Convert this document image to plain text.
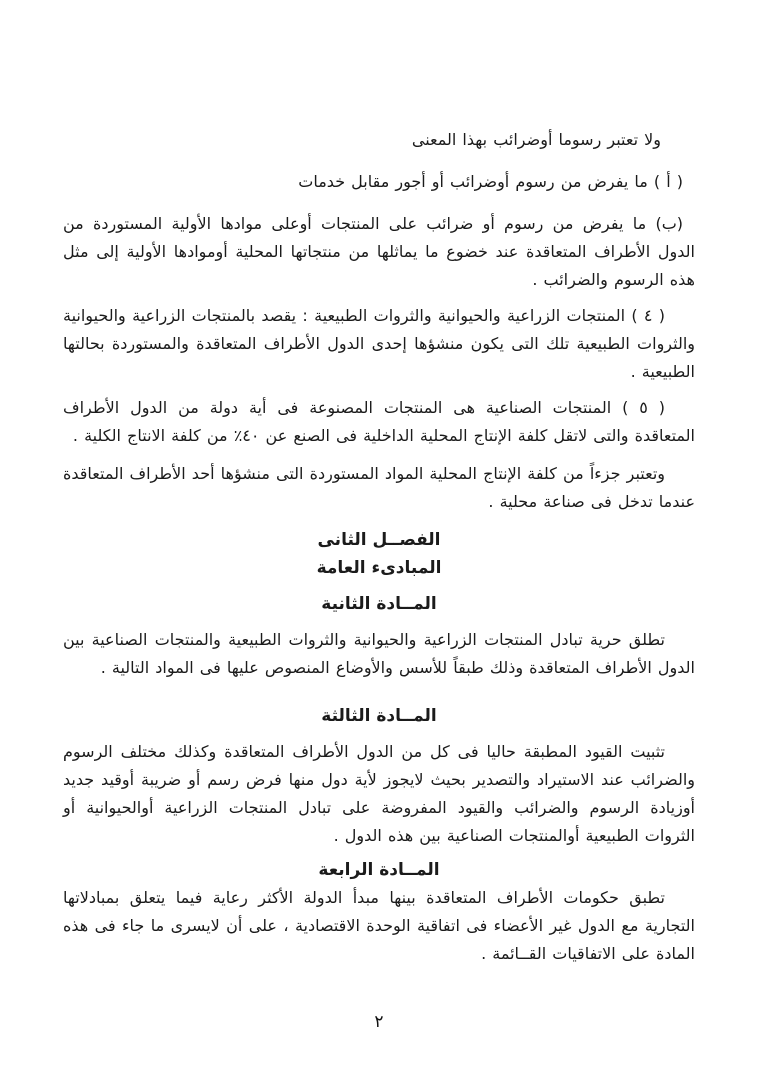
ولا تعتبر رسوما أوضرائب بهذا المعنى

( أ ) ما يفرض من رسوم أوضرائب أو أجور مقابل خدمات

(ب) ما يفرض من رسوم أو ضرائب على المنتجات أوعلى موادها الأولية المستوردة من الدول الأطراف المتعاقدة عند خضوع ما يماثلها من منتجاتها المحلية أوموادها الأولية إلى مثل هذه الرسوم والضرائب .

( ٤ ) المنتجات الزراعية والحيوانية والثروات الطبيعية : يقصد بالمنتجات الزراعية والحيوانية والثروات الطبيعية تلك التى يكون منشؤها إحدى الدول الأطراف المتعاقدة والمستوردة بحالتها الطبيعية .

( ٥ ) المنتجات الصناعية هى المنتجات المصنوعة فى أية دولة من الدول الأطراف المتعاقدة والتى لاتقل كلفة الإنتاج المحلية الداخلية فى الصنع عن ٤٠٪ من كلفة الانتاج الكلية .

وتعتبر جزءاً من كلفة الإنتاج المحلية المواد المستوردة التى منشؤها أحد الأطراف المتعاقدة عندما تدخل فى صناعة محلية .

الفصــل الثانى
المبادىء العامة
المــادة الثانية

تطلق حرية تبادل المنتجات الزراعية والحيوانية والثروات الطبيعية والمنتجات الصناعية بين الدول الأطراف المتعاقدة وذلك طبقاً للأسس والأوضاع المنصوص عليها فى المواد التالية .

المــادة الثالثة

تثبيت القيود المطبقة حاليا فى كل من الدول الأطراف المتعاقدة وكذلك مختلف الرسوم والضرائب عند الاستيراد والتصدير بحيث لايجوز لأية دول منها فرض رسم أو ضريبة أوقيد جديد أوزيادة الرسوم والضرائب والقيود المفروضة على تبادل المنتجات الزراعية أوالحيوانية أو الثروات الطبيعية أوالمنتجات الصناعية بين هذه الدول .

المــادة الرابعة

تطبق حكومات الأطراف المتعاقدة بينها مبدأ الدولة الأكثر رعاية فيما يتعلق بمبادلاتها التجارية مع الدول غير الأعضاء فى اتفاقية الوحدة الاقتصادية ، على أن لايسرى ما جاء فى هذه المادة على الاتفاقيات القــائمة .

٢
